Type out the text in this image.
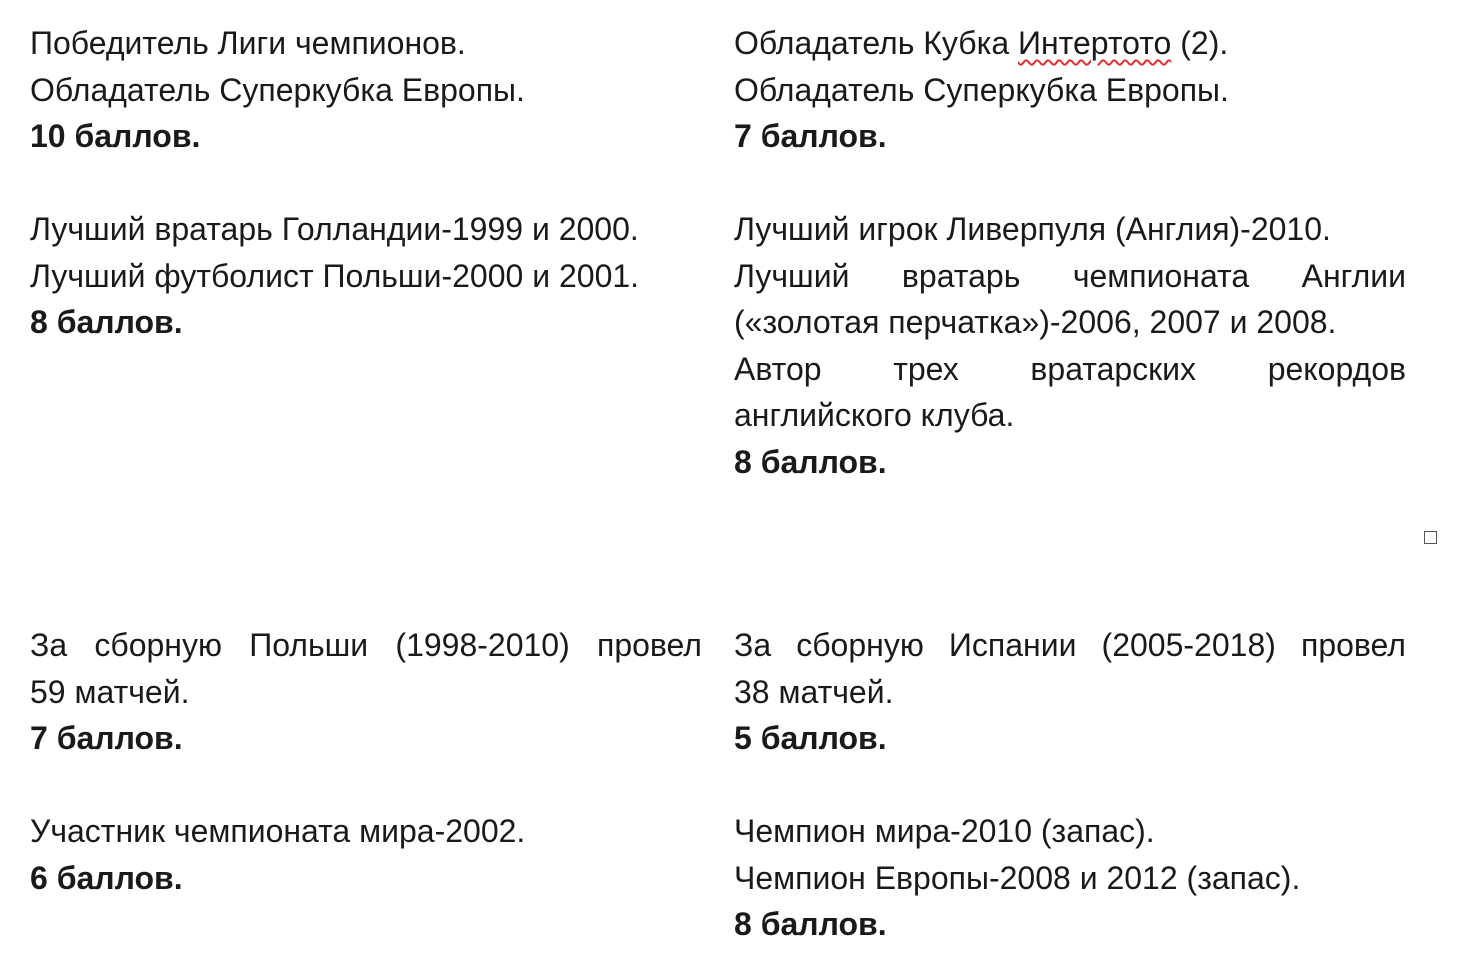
Победитель Лиги чемпионов.
Обладатель Суперкубка Европы.
10 баллов.
Обладатель Кубка Интертото (2).
Обладатель Суперкубка Европы.
7 баллов.
Лучший вратарь Голландии-1999 и 2000.
Лучший футболист Польши-2000 и 2001.
8 баллов.
Лучший игрок Ливерпуля (Англия)-2010.
Лучший вратарь чемпионата Англии
(«золотая перчатка»)-2006, 2007 и 2008.
Автор трех вратарских рекордов
английского клуба.
8 баллов.
За сборную Польши (1998-2010) провел
59 матчей.
7 баллов.
За сборную Испании (2005-2018) провел
38 матчей.
5 баллов.
Участник чемпионата мира-2002.
6 баллов.
Чемпион мира-2010 (запас).
Чемпион Европы-2008 и 2012 (запас).
8 баллов.
